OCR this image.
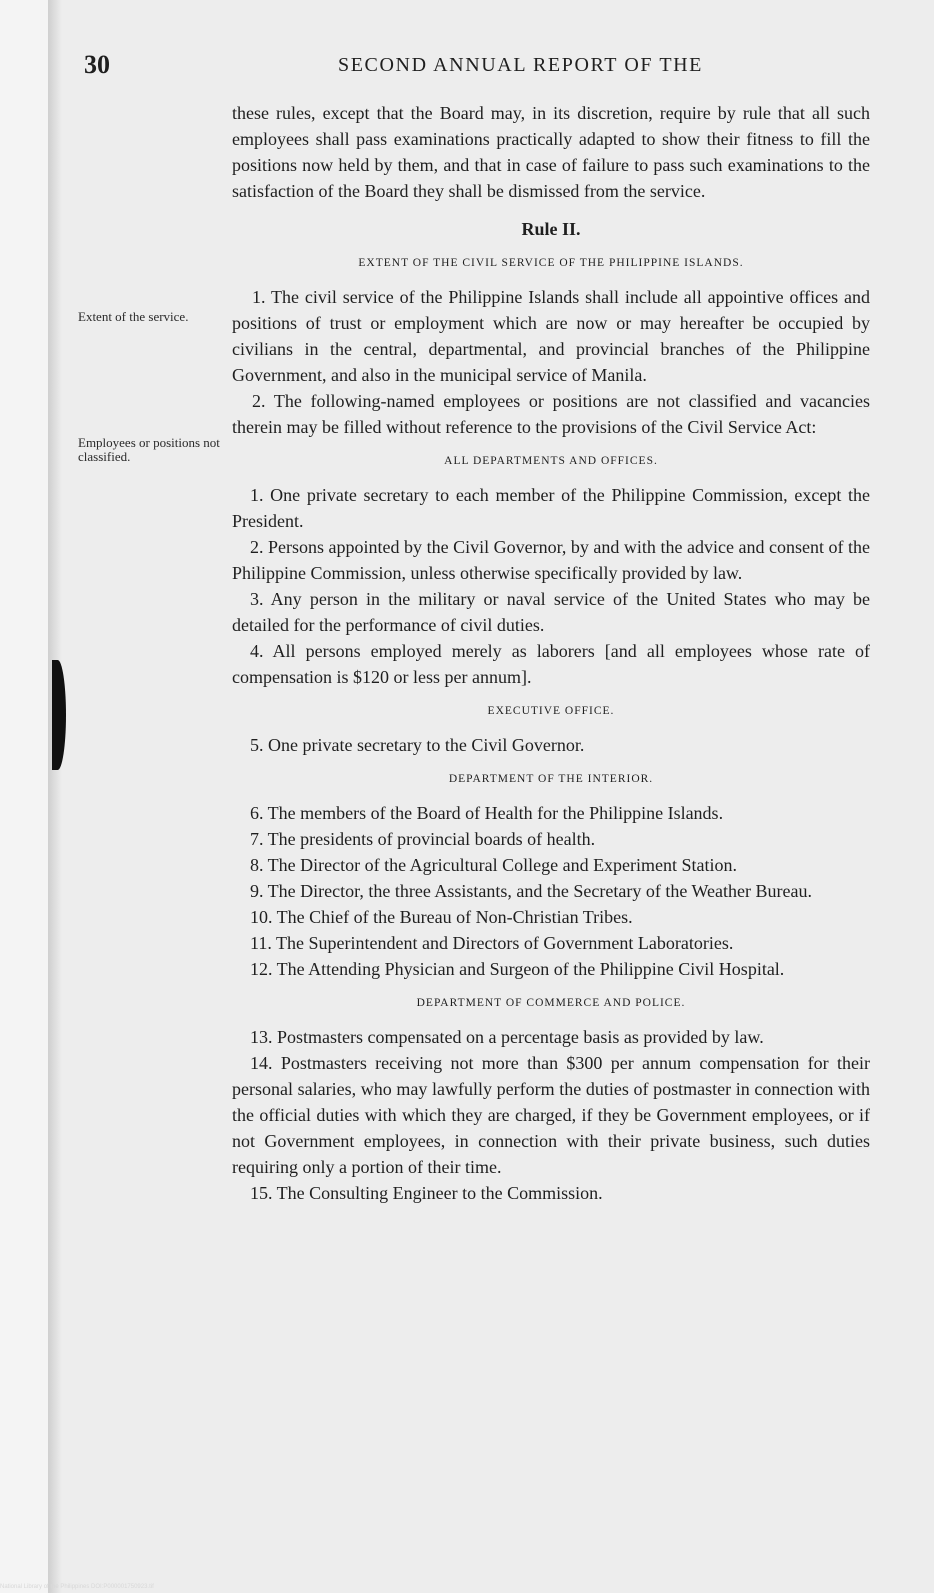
30	SECOND ANNUAL REPORT OF THE
Extent of the service.
Employees or positions not classified.

these rules, except that the Board may, in its discretion, require by rule that all such employees shall pass examinations practically adapted to show their fitness to fill the positions now held by them, and that in case of failure to pass such examinations to the satisfaction of the Board they shall be dismissed from the service.

Rule II.

EXTENT OF THE CIVIL SERVICE OF THE PHILIPPINE ISLANDS.

1. The civil service of the Philippine Islands shall include all appointive offices and positions of trust or employment which are now or may hereafter be occupied by civilians in the central, departmental, and provincial branches of the Philippine Government, and also in the municipal service of Manila.

2. The following-named employees or positions are not classified and vacancies therein may be filled without reference to the provisions of the Civil Service Act:

ALL DEPARTMENTS AND OFFICES.

1. One private secretary to each member of the Philippine Commission, except the President.

2. Persons appointed by the Civil Governor, by and with the advice and consent of the Philippine Commission, unless otherwise specifically provided by law.

3. Any person in the military or naval service of the United States who may be detailed for the performance of civil duties.

4. All persons employed merely as laborers [and all employees whose rate of compensation is $120 or less per annum].

EXECUTIVE OFFICE.

5. One private secretary to the Civil Governor.

DEPARTMENT OF THE INTERIOR.

6. The members of the Board of Health for the Philippine Islands.

7. The presidents of provincial boards of health.

8. The Director of the Agricultural College and Experiment Station.

9. The Director, the three Assistants, and the Secretary of the Weather Bureau.

10. The Chief of the Bureau of Non-Christian Tribes.

11. The Superintendent and Directors of Government Laboratories.

12. The Attending Physician and Surgeon of the Philippine Civil Hospital.

DEPARTMENT OF COMMERCE AND POLICE.

13. Postmasters compensated on a percentage basis as provided by law.

14. Postmasters receiving not more than $300 per annum compensation for their personal salaries, who may lawfully perform the duties of postmaster in connection with the official duties with which they are charged, if they be Government employees, or if not Government employees, in connection with their private business, such duties requiring only a portion of their time.

15. The Consulting Engineer to the Commission.

National Library of the Philippines DOI:P000001750923.tif
